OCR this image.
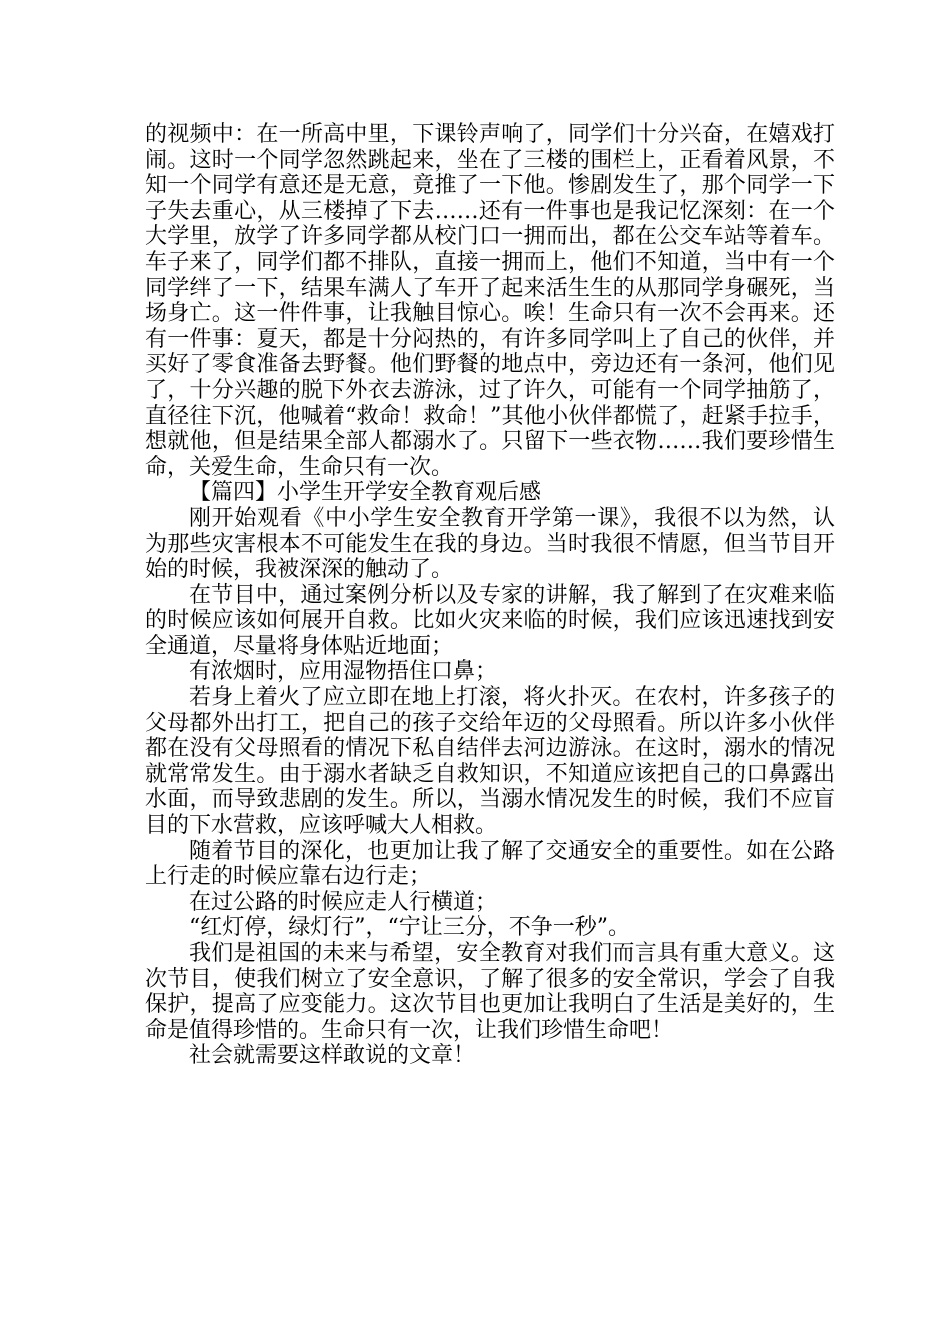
的视频中：在一所高中里，下课铃声响了，同学们十分兴奋，在嬉戏打闹。这时一个同学忽然跳起来，坐在了三楼的围栏上，正看着风景，不知一个同学有意还是无意，竟推了一下他。惨剧发生了，那个同学一下子失去重心，从三楼掉了下去……还有一件事也是我记忆深刻：在一个大学里，放学了许多同学都从校门口一拥而出，都在公交车站等着车。车子来了，同学们都不排队，直接一拥而上，他们不知道，当中有一个同学绊了一下，结果车满人了车开了起来活生生的从那同学身碾死，当场身亡。这一件件事，让我触目惊心。唉！生命只有一次不会再来。还有一件事：夏天，都是十分闷热的，有许多同学叫上了自己的伙伴，并买好了零食准备去野餐。他们野餐的地点中，旁边还有一条河，他们见了，十分兴趣的脱下外衣去游泳，过了许久，可能有一个同学抽筋了，直径往下沉，他喊着“救命！救命！”其他小伙伴都慌了，赶紧手拉手，想就他，但是结果全部人都溺水了。只留下一些衣物……我们要珍惜生命，关爱生命，生命只有一次。

【篇四】小学生开学安全教育观后感

刚开始观看《中小学生安全教育开学第一课》，我很不以为然，认为那些灾害根本不可能发生在我的身边。当时我很不情愿，但当节目开始的时候，我被深深的触动了。

在节目中，通过案例分析以及专家的讲解，我了解到了在灾难来临的时候应该如何展开自救。比如火灾来临的时候，我们应该迅速找到安全通道，尽量将身体贴近地面；

有浓烟时，应用湿物捂住口鼻；

若身上着火了应立即在地上打滚，将火扑灭。在农村，许多孩子的父母都外出打工，把自己的孩子交给年迈的父母照看。所以许多小伙伴都在没有父母照看的情况下私自结伴去河边游泳。在这时，溺水的情况就常常发生。由于溺水者缺乏自救知识，不知道应该把自己的口鼻露出水面，而导致悲剧的发生。所以，当溺水情况发生的时候，我们不应盲目的下水营救，应该呼喊大人相救。

随着节目的深化，也更加让我了解了交通安全的重要性。如在公路上行走的时候应靠右边行走；

在过公路的时候应走人行横道；

“红灯停，绿灯行”，“宁让三分，不争一秒”。

我们是祖国的未来与希望，安全教育对我们而言具有重大意义。这次节目，使我们树立了安全意识，了解了很多的安全常识，学会了自我保护，提高了应变能力。这次节目也更加让我明白了生活是美好的，生命是值得珍惜的。生命只有一次，让我们珍惜生命吧！

社会就需要这样敢说的文章！
